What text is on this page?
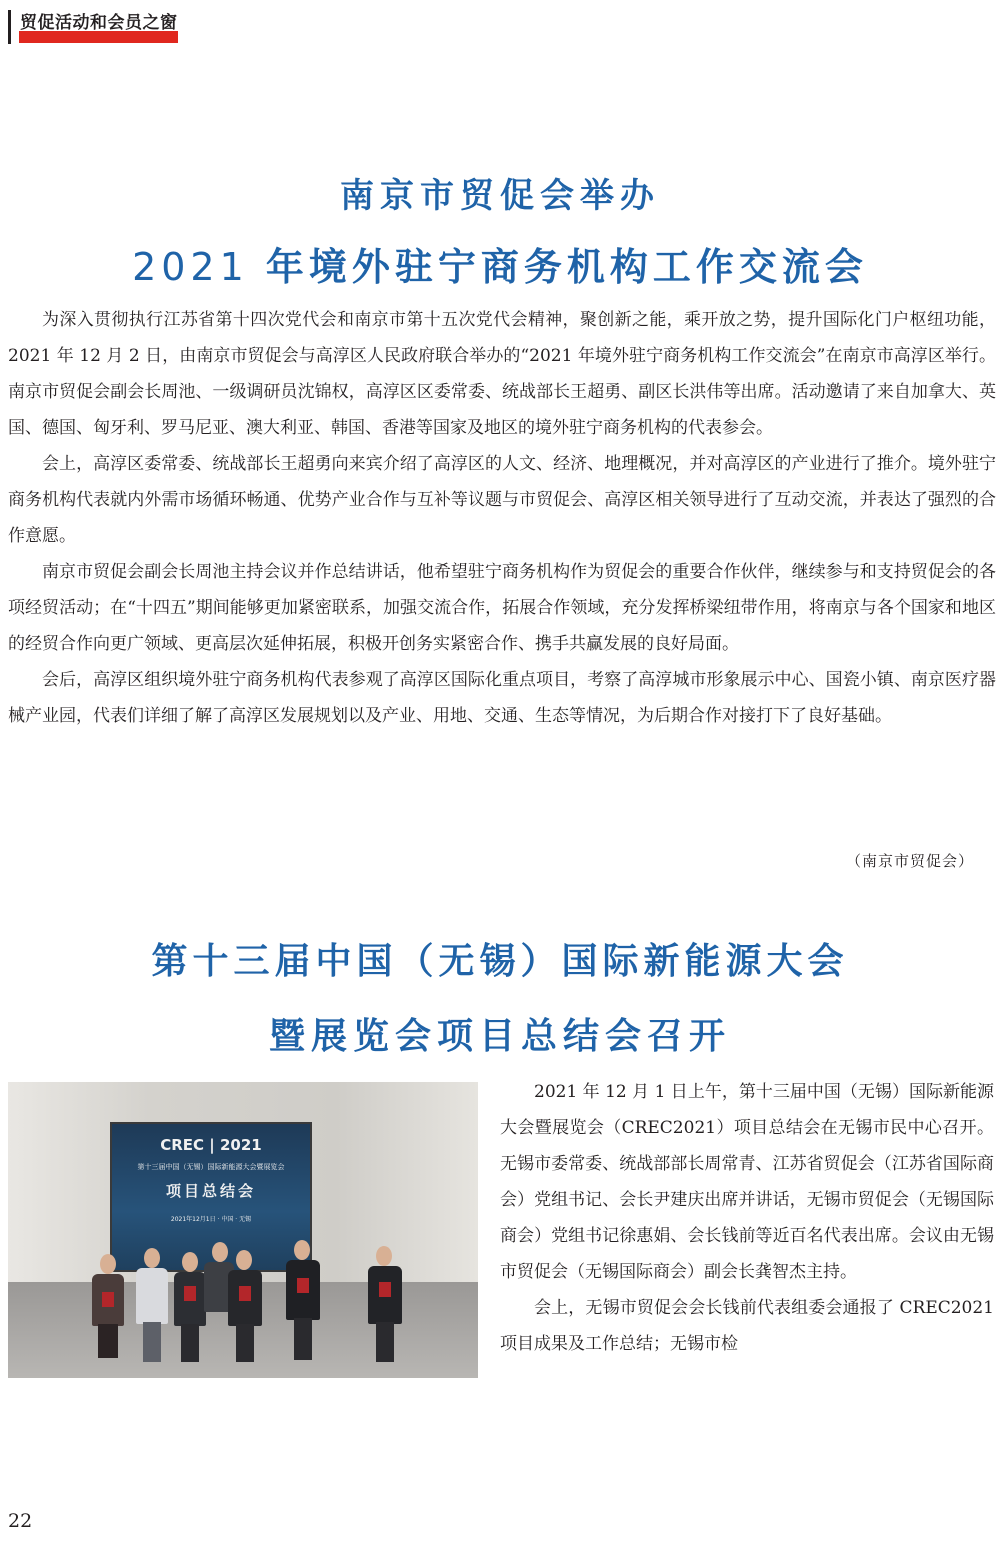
贸促活动和会员之窗
南京市贸促会举办
2021 年境外驻宁商务机构工作交流会

为深入贯彻执行江苏省第十四次党代会和南京市第十五次党代会精神，聚创新之能，乘开放之势，提升国际化门户枢纽功能，2021 年 12 月 2 日，由南京市贸促会与高淳区人民政府联合举办的“2021 年境外驻宁商务机构工作交流会”在南京市高淳区举行。南京市贸促会副会长周池、一级调研员沈锦权，高淳区区委常委、统战部长王超勇、副区长洪伟等出席。活动邀请了来自加拿大、英国、德国、匈牙利、罗马尼亚、澳大利亚、韩国、香港等国家及地区的境外驻宁商务机构的代表参会。

会上，高淳区委常委、统战部长王超勇向来宾介绍了高淳区的人文、经济、地理概况，并对高淳区的产业进行了推介。境外驻宁商务机构代表就内外需市场循环畅通、优势产业合作与互补等议题与市贸促会、高淳区相关领导进行了互动交流，并表达了强烈的合作意愿。

南京市贸促会副会长周池主持会议并作总结讲话，他希望驻宁商务机构作为贸促会的重要合作伙伴，继续参与和支持贸促会的各项经贸活动；在“十四五”期间能够更加紧密联系，加强交流合作，拓展合作领域，充分发挥桥梁纽带作用，将南京与各个国家和地区的经贸合作向更广领域、更高层次延伸拓展，积极开创务实紧密合作、携手共赢发展的良好局面。

会后，高淳区组织境外驻宁商务机构代表参观了高淳区国际化重点项目，考察了高淳城市形象展示中心、国瓷小镇、南京医疗器械产业园，代表们详细了解了高淳区发展规划以及产业、用地、交通、生态等情况，为后期合作对接打下了良好基础。

（南京市贸促会）
第十三届中国（无锡）国际新能源大会
暨展览会项目总结会召开
CREC | 2021
第十三届中国（无锡）国际新能源大会暨展览会
项目总结会
2021年12月1日 · 中国 · 无锡

2021 年 12 月 1 日上午，第十三届中国（无锡）国际新能源大会暨展览会（CREC2021）项目总结会在无锡市民中心召开。无锡市委常委、统战部部长周常青、江苏省贸促会（江苏省国际商会）党组书记、会长尹建庆出席并讲话，无锡市贸促会（无锡国际商会）党组书记徐惠娟、会长钱前等近百名代表出席。会议由无锡市贸促会（无锡国际商会）副会长龚智杰主持。

会上，无锡市贸促会会长钱前代表组委会通报了 CREC2021 项目成果及工作总结；无锡市检

22
